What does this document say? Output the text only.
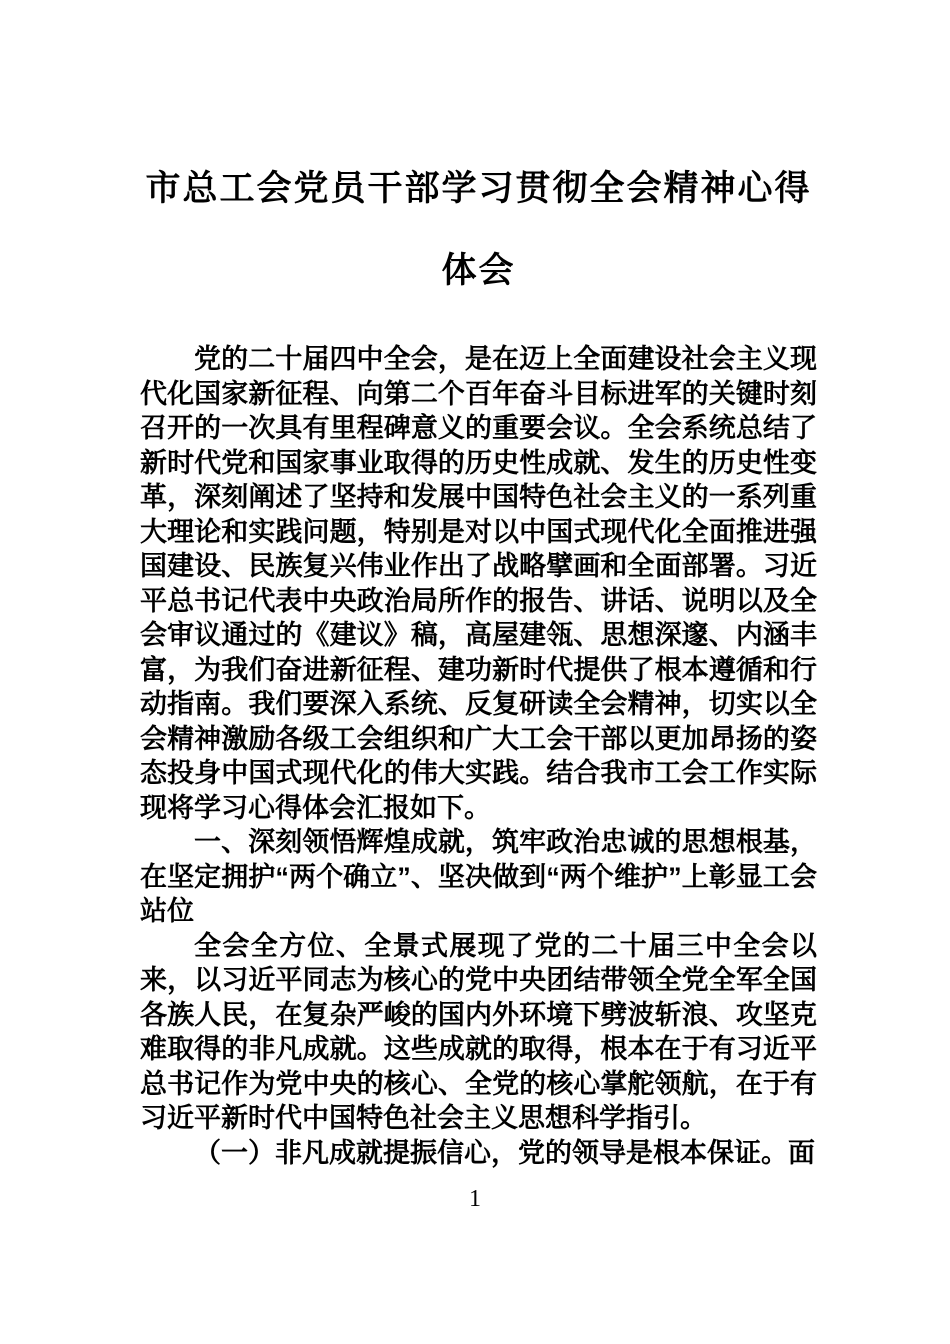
市总工会党员干部学习贯彻全会精神心得
体会

党的二十届四中全会，是在迈上全面建设社会主义现代化国家新征程、向第二个百年奋斗目标进军的关键时刻召开的一次具有里程碑意义的重要会议。全会系统总结了新时代党和国家事业取得的历史性成就、发生的历史性变革，深刻阐述了坚持和发展中国特色社会主义的一系列重大理论和实践问题，特别是对以中国式现代化全面推进强国建设、民族复兴伟业作出了战略擘画和全面部署。习近平总书记代表中央政治局所作的报告、讲话、说明以及全会审议通过的《建议》稿，高屋建瓴、思想深邃、内涵丰富，为我们奋进新征程、建功新时代提供了根本遵循和行动指南。我们要深入系统、反复研读全会精神，切实以全会精神激励各级工会组织和广大工会干部以更加昂扬的姿态投身中国式现代化的伟大实践。结合我市工会工作实际现将学习心得体会汇报如下。

一、深刻领悟辉煌成就，筑牢政治忠诚的思想根基，在坚定拥护“两个确立”、坚决做到“两个维护”上彰显工会站位

全会全方位、全景式展现了党的二十届三中全会以来，以习近平同志为核心的党中央团结带领全党全军全国各族人民，在复杂严峻的国内外环境下劈波斩浪、攻坚克难取得的非凡成就。这些成就的取得，根本在于有习近平总书记作为党中央的核心、全党的核心掌舵领航，在于有习近平新时代中国特色社会主义思想科学指引。

（一）非凡成就提振信心，党的领导是根本保证。面

1
